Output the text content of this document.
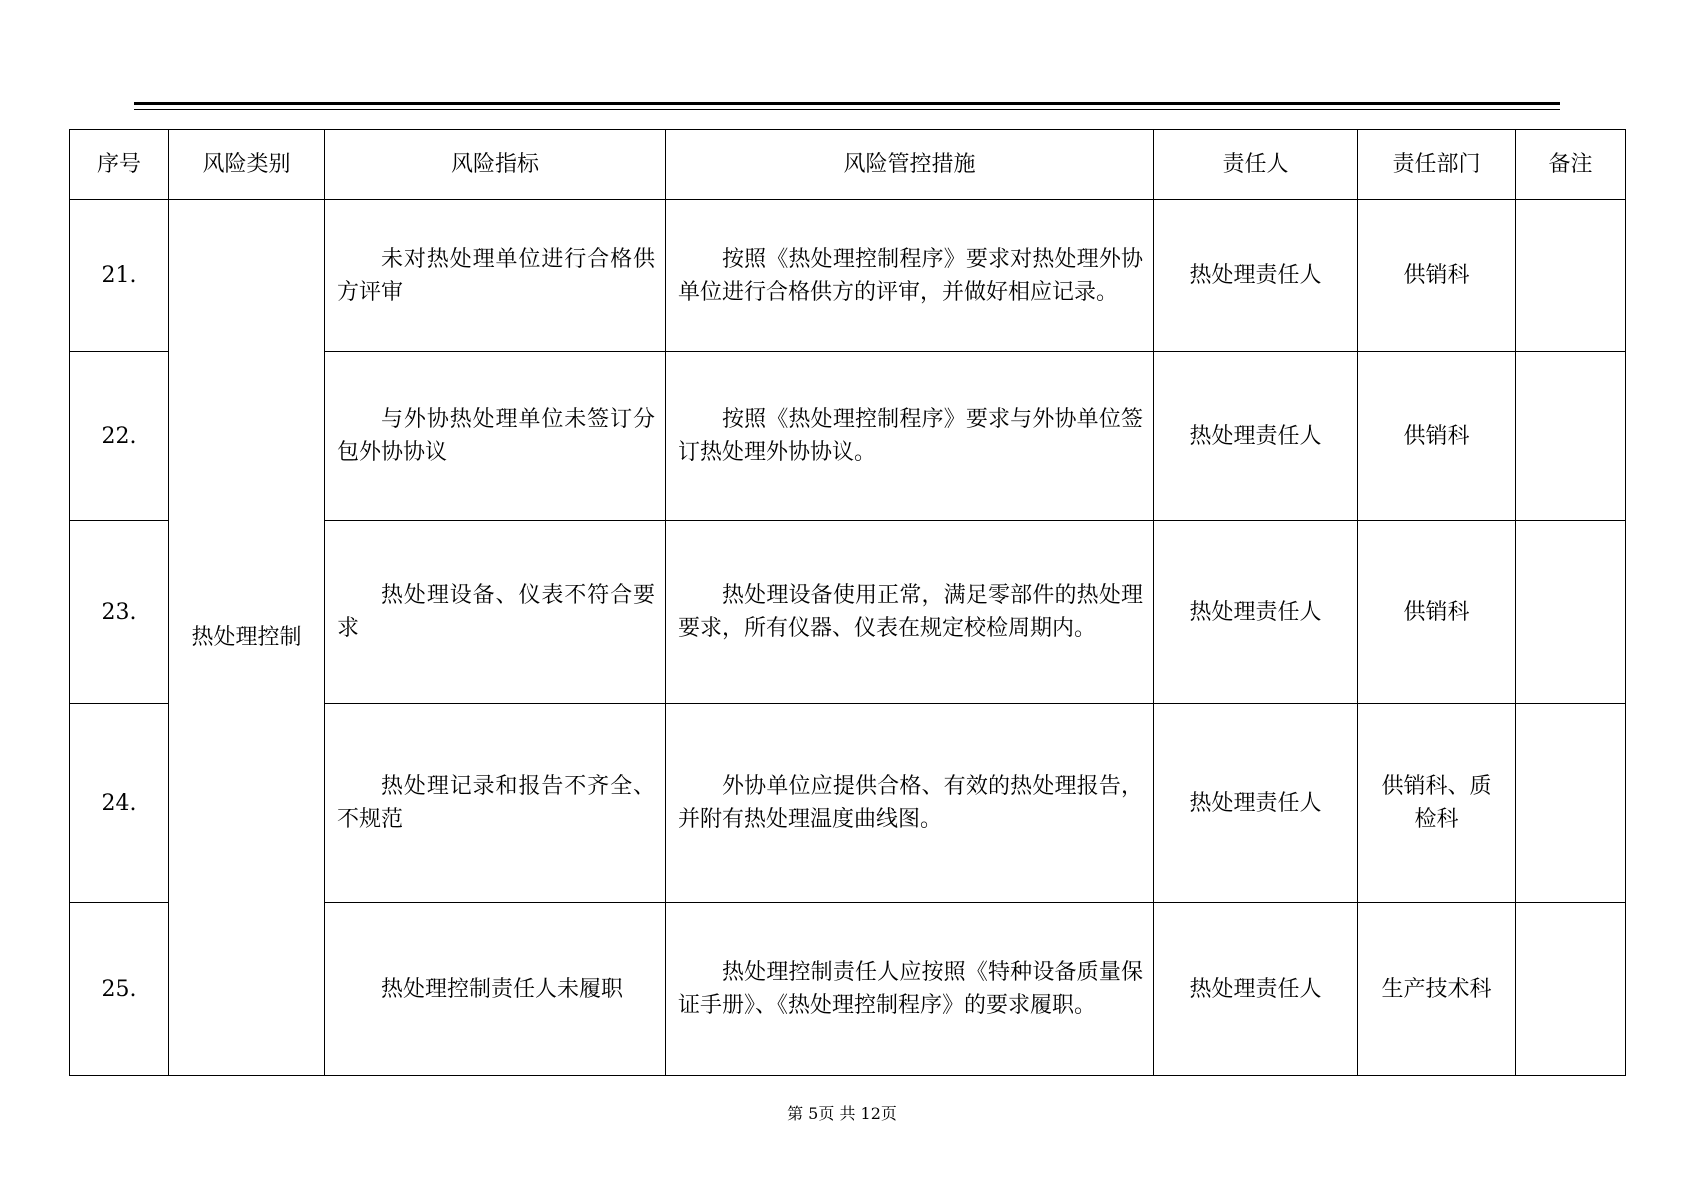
序号	风险类别	风险指标	风险管控措施	责任人	责任部门	备注
21.	热处理控制	未对热处理单位进行合格供方评审	按照《热处理控制程序》要求对热处理外协单位进行合格供方的评审，并做好相应记录。	热处理责任人	供销科	
22.		与外协热处理单位未签订分包外协协议	按照《热处理控制程序》要求与外协单位签订热处理外协协议。	热处理责任人	供销科	
23.		热处理设备、仪表不符合要求	热处理设备使用正常，满足零部件的热处理要求，所有仪器、仪表在规定校检周期内。	热处理责任人	供销科	
24.		热处理记录和报告不齐全、不规范	外协单位应提供合格、有效的热处理报告，并附有热处理温度曲线图。	热处理责任人	供销科、质检科	
25.		热处理控制责任人未履职	热处理控制责任人应按照《特种设备质量保证手册》、《热处理控制程序》的要求履职。	热处理责任人	生产技术科	
第 5页 共 12页
